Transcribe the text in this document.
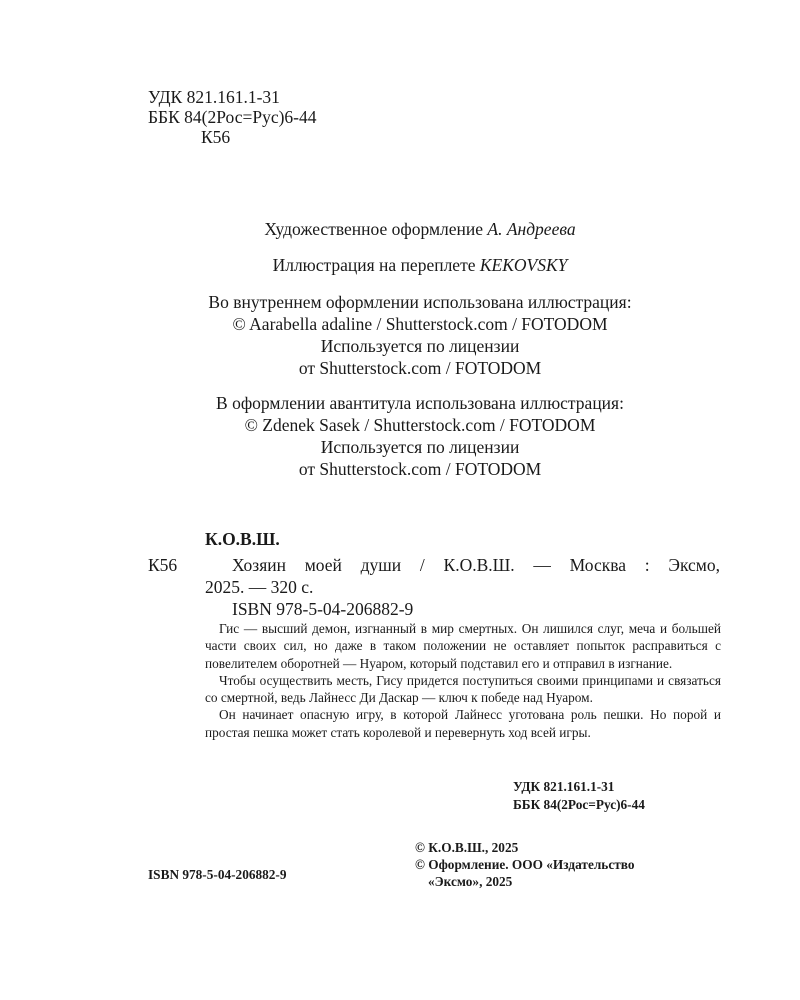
УДК 821.161.1-31
ББК 84(2Рос=Рус)6-44
К56
Художественное оформление А. Андреева
Иллюстрация на переплете KEKOVSKY
Во внутреннем оформлении использована иллюстрация:
© Aarabella adaline / Shutterstock.com / FOTODOM
Используется по лицензии
от Shutterstock.com / FOTODOM
В оформлении авантитула использована иллюстрация:
© Zdenek Sasek / Shutterstock.com / FOTODOM
Используется по лицензии
от Shutterstock.com / FOTODOM
К.О.В.Ш.
К56	Хозяин моей души / К.О.В.Ш. — Москва : Эксмо,
2025. — 320 с.
ISBN 978-5-04-206882-9

Гис — высший демон, изгнанный в мир смертных. Он лишился слуг, меча и большей части своих сил, но даже в таком положении не оставляет попыток расправиться с повелителем оборотней — Нуаром, который подставил его и отправил в изгнание.

Чтобы осуществить месть, Гису придется поступиться своими принципами и связаться со смертной, ведь Лайнесс Ди Даскар — ключ к победе над Нуаром.

Он начинает опасную игру, в которой Лайнесс уготована роль пешки. Но порой и простая пешка может стать королевой и перевернуть ход всей игры.

УДК 821.161.1-31
ББК 84(2Рос=Рус)6-44
ISBN 978-5-04-206882-9
© К.О.В.Ш., 2025
© Оформление. ООО «Издательство
«Эксмо», 2025
